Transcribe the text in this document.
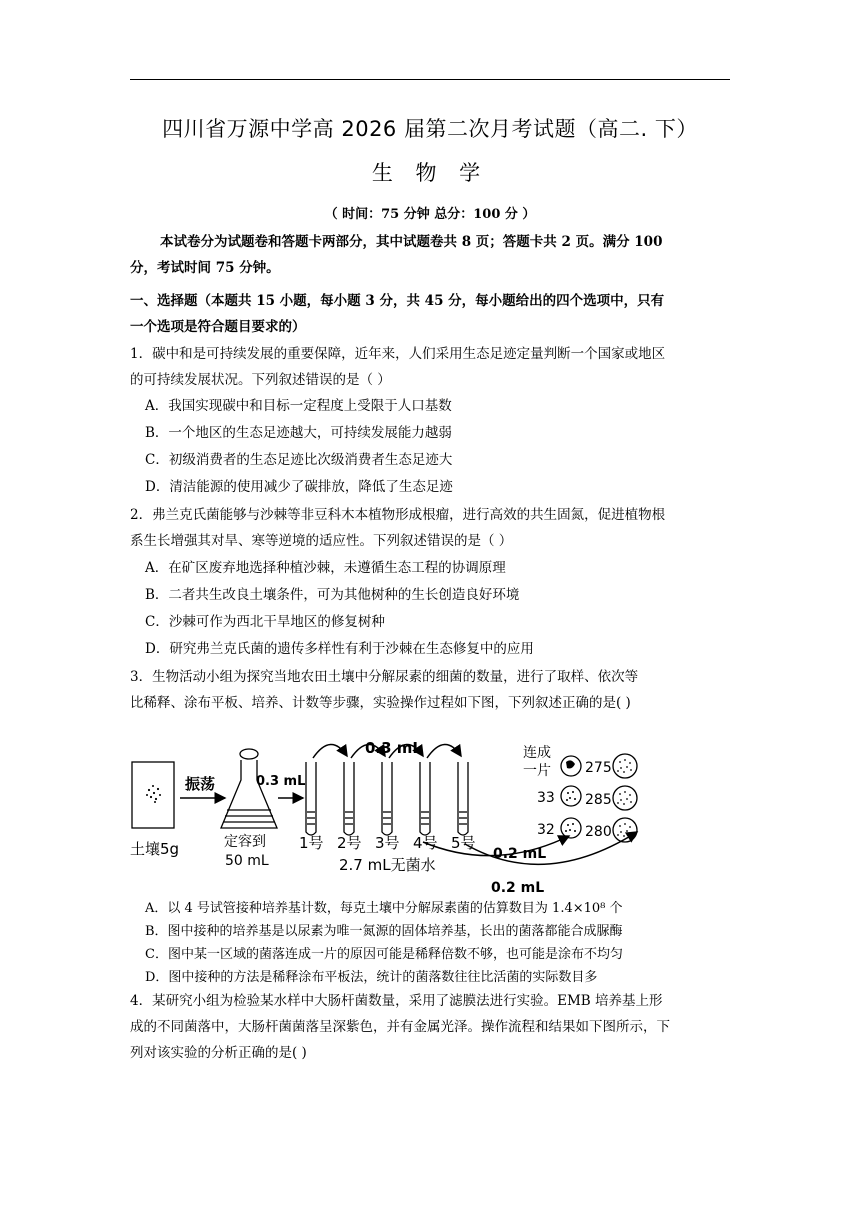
四川省万源中学高 2026 届第二次月考试题（高二. 下）
生 物 学
（ 时间：75 分钟 总分：100 分 ）
本试卷分为试题卷和答题卡两部分，其中试题卷共 8 页；答题卡共 2 页。满分 100
分，考试时间 75 分钟。
一、选择题（本题共 15 小题，每小题 3 分，共 45 分，每小题给出的四个选项中，只有
一个选项是符合题目要求的）
1．碳中和是可持续发展的重要保障，近年来，人们采用生态足迹定量判断一个国家或地区
的可持续发展状况。下列叙述错误的是（ ）
A．我国实现碳中和目标一定程度上受限于人口基数
B．一个地区的生态足迹越大，可持续发展能力越弱
C．初级消费者的生态足迹比次级消费者生态足迹大
D．清洁能源的使用减少了碳排放，降低了生态足迹
2．弗兰克氏菌能够与沙棘等非豆科木本植物形成根瘤，进行高效的共生固氮，促进植物根
系生长增强其对旱、寒等逆境的适应性。下列叙述错误的是（ ）
A．在矿区废弃地选择种植沙棘，未遵循生态工程的协调原理
B．二者共生改良土壤条件，可为其他树种的生长创造良好环境
C．沙棘可作为西北干旱地区的修复树种
D．研究弗兰克氏菌的遗传多样性有利于沙棘在生态修复中的应用
3．生物活动小组为探究当地农田土壤中分解尿素的细菌的数量，进行了取样、依次等
比稀释、涂布平板、培养、计数等步骤，实验操作过程如下图，下列叙述正确的是( )
土壤5g
振荡
定容到
50 mL
0.3 mL
0.3 mL
1号 2号 3号 4号 5号
2.7 mL无菌水
0.2 mL
0.2 mL
连成
一片
33
32
275
285
280
A．以 4 号试管接种培养基计数，每克土壤中分解尿素菌的估算数目为 1.4×10⁸ 个
B．图中接种的培养基是以尿素为唯一氮源的固体培养基，长出的菌落都能合成脲酶
C．图中某一区域的菌落连成一片的原因可能是稀释倍数不够，也可能是涂布不均匀
D．图中接种的方法是稀释涂布平板法，统计的菌落数往往比活菌的实际数目多
4．某研究小组为检验某水样中大肠杆菌数量，采用了滤膜法进行实验。EMB 培养基上形
成的不同菌落中，大肠杆菌菌落呈深紫色，并有金属光泽。操作流程和结果如下图所示，下
列对该实验的分析正确的是( )
